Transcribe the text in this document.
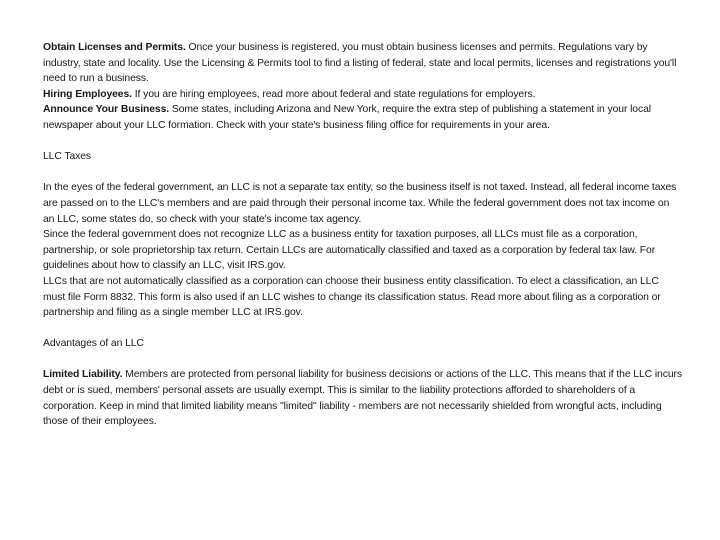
Obtain Licenses and Permits. Once your business is registered, you must obtain business licenses and permits. Regulations vary by industry, state and locality. Use the Licensing & Permits tool to find a listing of federal, state and local permits, licenses and registrations you'll need to run a business.

Hiring Employees. If you are hiring employees, read more about federal and state regulations for employers.

Announce Your Business. Some states, including Arizona and New York, require the extra step of publishing a statement in your local newspaper about your LLC formation. Check with your state's business filing office for requirements in your area.

LLC Taxes

In the eyes of the federal government, an LLC is not a separate tax entity, so the business itself is not taxed. Instead, all federal income taxes are passed on to the LLC's members and are paid through their personal income tax. While the federal government does not tax income on an LLC, some states do, so check with your state's income tax agency.

Since the federal government does not recognize LLC as a business entity for taxation purposes, all LLCs must file as a corporation, partnership, or sole proprietorship tax return. Certain LLCs are automatically classified and taxed as a corporation by federal tax law. For guidelines about how to classify an LLC, visit IRS.gov.

LLCs that are not automatically classified as a corporation can choose their business entity classification. To elect a classification, an LLC must file Form 8832. This form is also used if an LLC wishes to change its classification status. Read more about filing as a corporation or partnership and filing as a single member LLC at IRS.gov.

Advantages of an LLC

Limited Liability. Members are protected from personal liability for business decisions or actions of the LLC. This means that if the LLC incurs debt or is sued, members' personal assets are usually exempt. This is similar to the liability protections afforded to shareholders of a corporation. Keep in mind that limited liability means "limited" liability - members are not necessarily shielded from wrongful acts, including those of their employees.
